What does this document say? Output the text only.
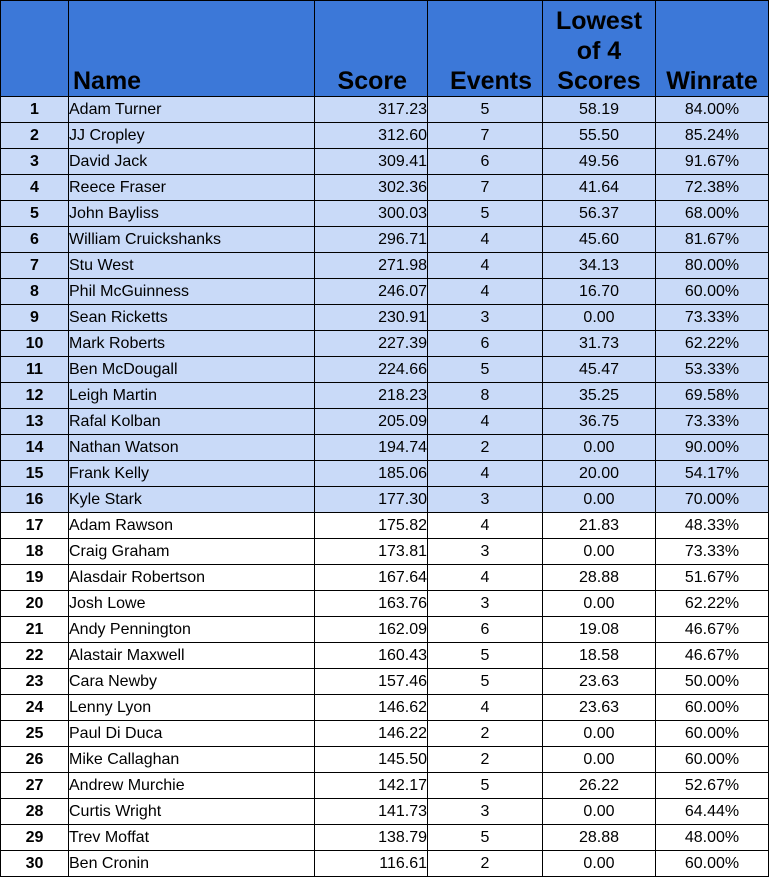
	Name	Score	Events	Lowest of 4 Scores	Winrate
1	Adam Turner	317.23	5	58.19	84.00%
2	JJ Cropley	312.60	7	55.50	85.24%
3	David Jack	309.41	6	49.56	91.67%
4	Reece Fraser	302.36	7	41.64	72.38%
5	John Bayliss	300.03	5	56.37	68.00%
6	William Cruickshanks	296.71	4	45.60	81.67%
7	Stu West	271.98	4	34.13	80.00%
8	Phil McGuinness	246.07	4	16.70	60.00%
9	Sean Ricketts	230.91	3	0.00	73.33%
10	Mark Roberts	227.39	6	31.73	62.22%
11	Ben McDougall	224.66	5	45.47	53.33%
12	Leigh Martin	218.23	8	35.25	69.58%
13	Rafal Kolban	205.09	4	36.75	73.33%
14	Nathan Watson	194.74	2	0.00	90.00%
15	Frank Kelly	185.06	4	20.00	54.17%
16	Kyle Stark	177.30	3	0.00	70.00%
17	Adam Rawson	175.82	4	21.83	48.33%
18	Craig Graham	173.81	3	0.00	73.33%
19	Alasdair Robertson	167.64	4	28.88	51.67%
20	Josh Lowe	163.76	3	0.00	62.22%
21	Andy Pennington	162.09	6	19.08	46.67%
22	Alastair Maxwell	160.43	5	18.58	46.67%
23	Cara Newby	157.46	5	23.63	50.00%
24	Lenny Lyon	146.62	4	23.63	60.00%
25	Paul Di Duca	146.22	2	0.00	60.00%
26	Mike Callaghan	145.50	2	0.00	60.00%
27	Andrew Murchie	142.17	5	26.22	52.67%
28	Curtis Wright	141.73	3	0.00	64.44%
29	Trev Moffat	138.79	5	28.88	48.00%
30	Ben Cronin	116.61	2	0.00	60.00%
